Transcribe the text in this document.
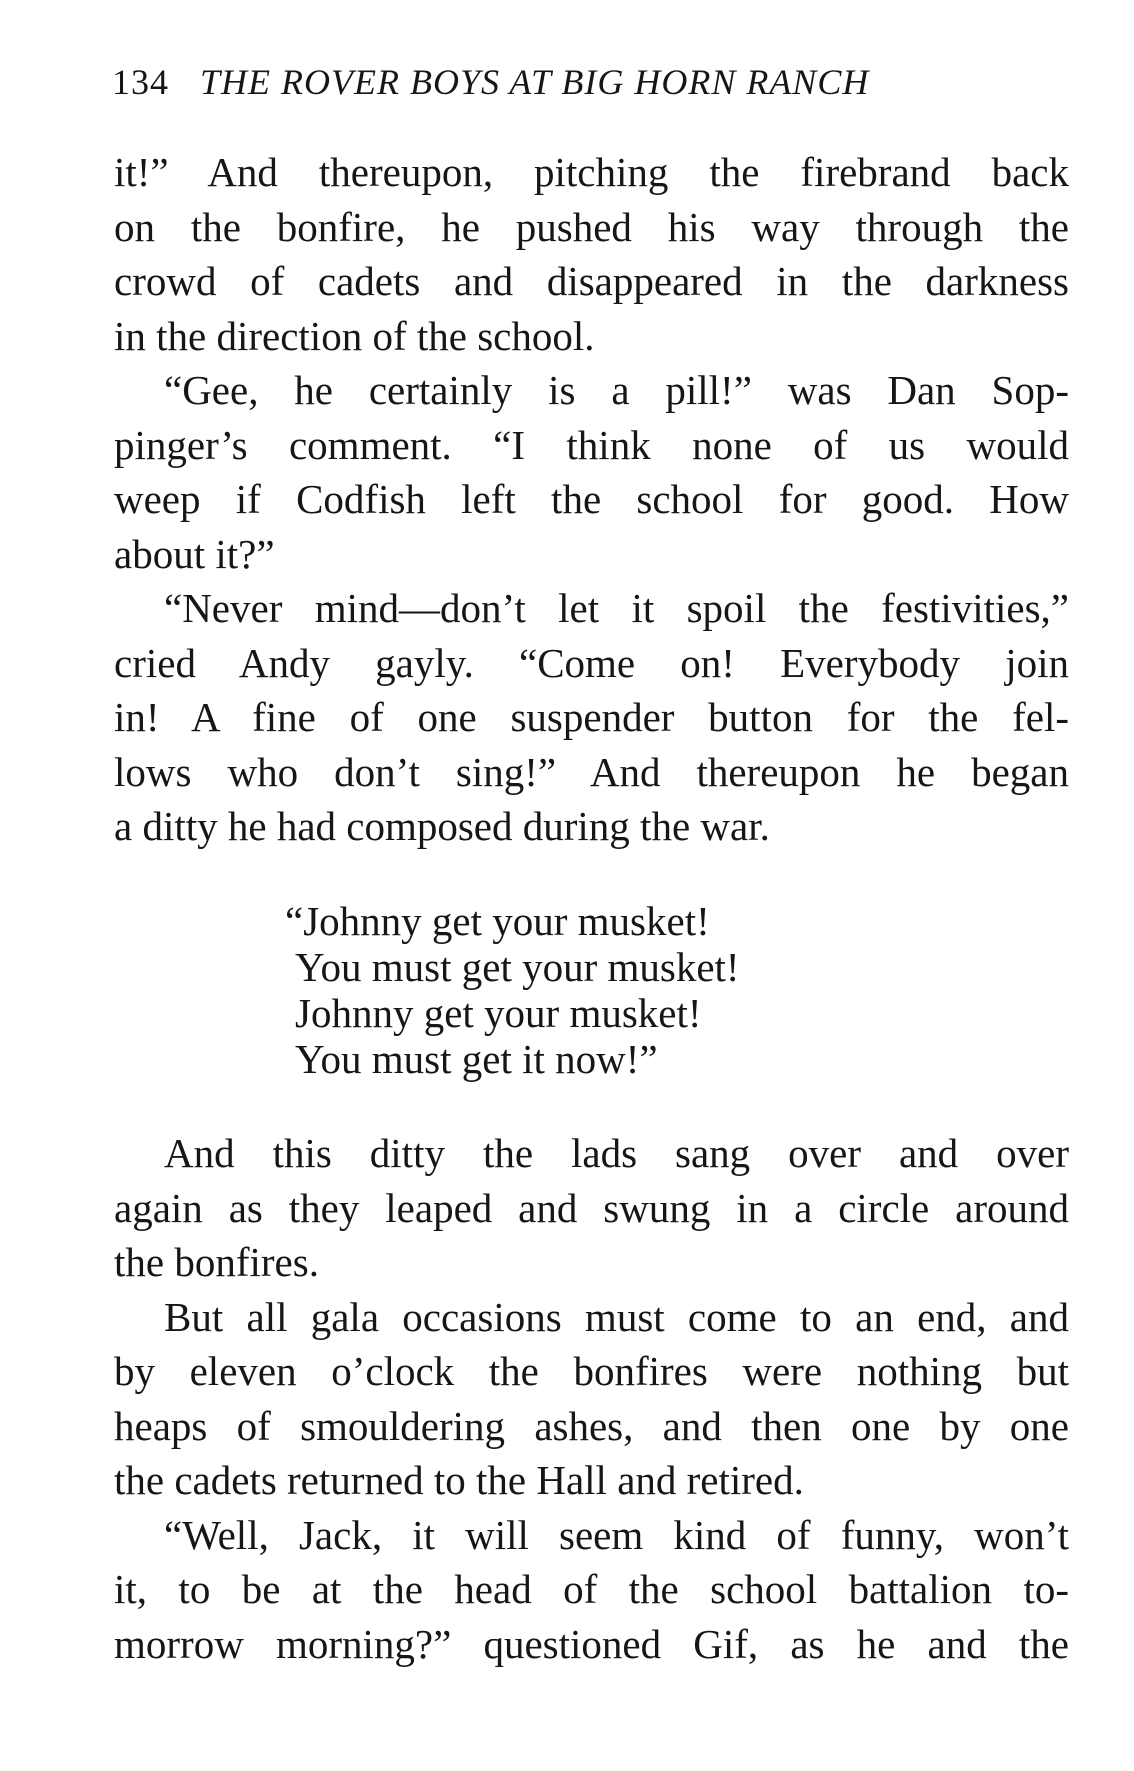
134 THE ROVER BOYS AT BIG HORN RANCH

it!” And thereupon, pitching the firebrand back
on the bonfire, he pushed his way through the
crowd of cadets and disappeared in the darkness
in the direction of the school.

“Gee, he certainly is a pill!” was Dan Sop-
pinger’s comment. “I think none of us would
weep if Codfish left the school for good. How
about it?”

“Never mind—don’t let it spoil the festivities,”
cried Andy gayly. “Come on! Everybody join
in! A fine of one suspender button for the fel-
lows who don’t sing!” And thereupon he began
a ditty he had composed during the war.

“Johnny get your musket!
You must get your musket!
Johnny get your musket!
You must get it now!”

And this ditty the lads sang over and over
again as they leaped and swung in a circle around
the bonfires.

But all gala occasions must come to an end, and
by eleven o’clock the bonfires were nothing but
heaps of smouldering ashes, and then one by one
the cadets returned to the Hall and retired.

“Well, Jack, it will seem kind of funny, won’t
it, to be at the head of the school battalion to-
morrow morning?” questioned Gif, as he and the
